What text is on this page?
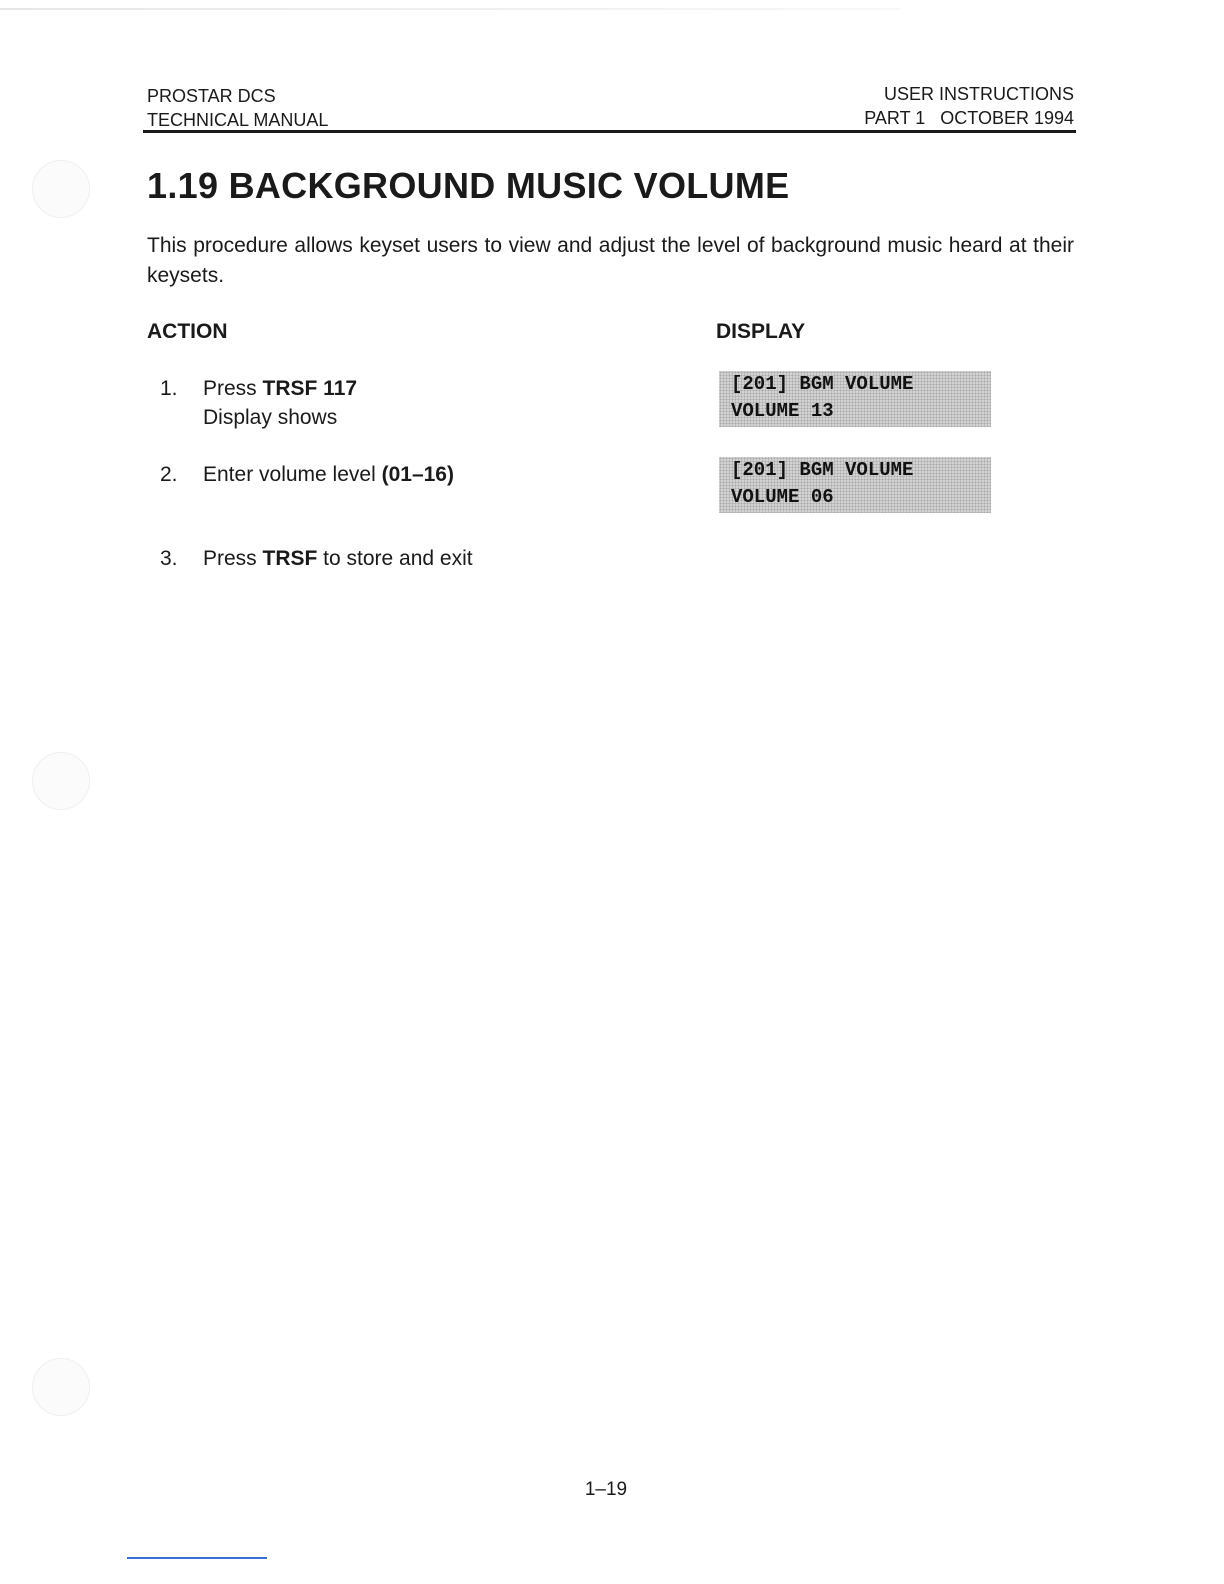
PROSTAR DCS
TECHNICAL MANUAL
USER INSTRUCTIONS
PART 1   OCTOBER 1994
1.19 BACKGROUND MUSIC VOLUME

This procedure allows keyset users to view and adjust the level of background music heard at their keysets.

ACTION	DISPLAY
1. Press TRSF 117
Display shows
2. Enter volume level (01–16)
3. Press TRSF to store and exit
[201] BGM VOLUME
VOLUME 13
[201] BGM VOLUME
VOLUME 06
1–19
